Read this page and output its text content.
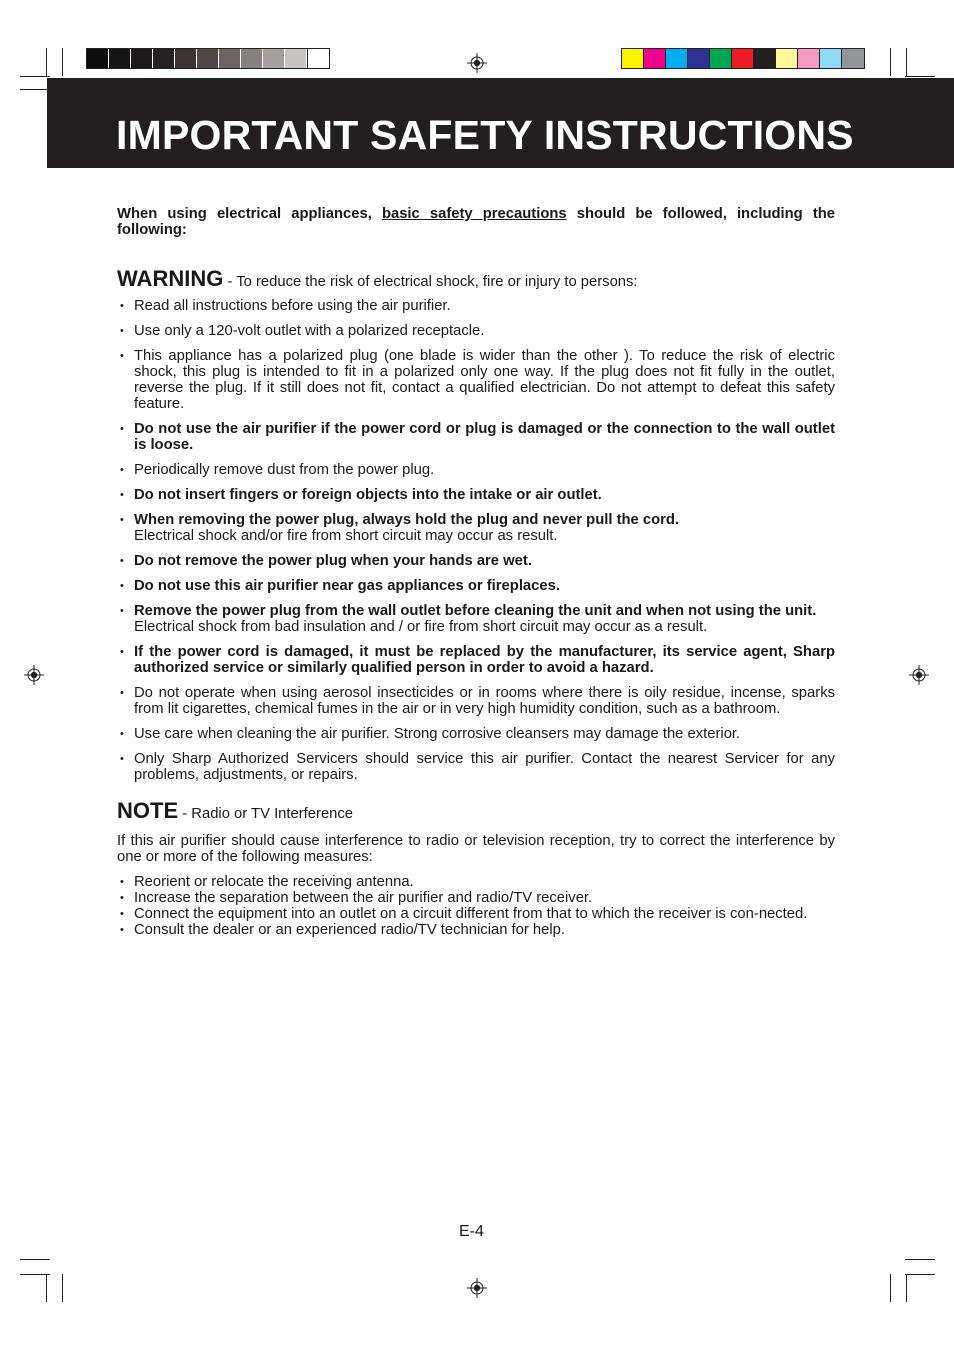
IMPORTANT SAFETY INSTRUCTIONS

When using electrical appliances, basic safety precautions should be followed, including the following:

WARNING - To reduce the risk of electrical shock, fire or injury to persons:

• Read all instructions before using the air purifier.
• Use only a 120-volt outlet with a polarized receptacle.
• This appliance has a polarized plug (one blade is wider than the other ). To reduce the risk of electric shock, this plug is intended to fit in a polarized only one way. If the plug does not fit fully in the outlet, reverse the plug. If it still does not fit, contact a qualified electrician. Do not attempt to defeat this safety feature.
• Do not use the air purifier if the power cord or plug is damaged or the connection to the wall outlet is loose.
• Periodically remove dust from the power plug.
• Do not insert fingers or foreign objects into the intake or air outlet.
• When removing the power plug, always hold the plug and never pull the cord.
Electrical shock and/or fire from short circuit may occur as result.
• Do not remove the power plug when your hands are wet.
• Do not use this air purifier near gas appliances or fireplaces.
• Remove the power plug from the wall outlet before cleaning the unit and when not using the unit.
Electrical shock from bad insulation and / or fire from short circuit may occur as a result.
• If the power cord is damaged, it must be replaced by the manufacturer, its service agent, Sharp authorized service or similarly qualified person in order to avoid a hazard.
• Do not operate when using aerosol insecticides or in rooms where there is oily residue, incense, sparks from lit cigarettes, chemical fumes in the air or in very high humidity condition, such as a bathroom.
• Use care when cleaning the air purifier. Strong corrosive cleansers may damage the exterior.
• Only Sharp Authorized Servicers should service this air purifier. Contact the nearest Servicer for any problems, adjustments, or repairs.

NOTE - Radio or TV Interference

If this air purifier should cause interference to radio or television reception, try to correct the interference by one or more of the following measures:

• Reorient or relocate the receiving antenna.
• Increase the separation between the air purifier and radio/TV receiver.
• Connect the equipment into an outlet on a circuit different from that to which the receiver is con-nected.
• Consult the dealer or an experienced radio/TV technician for help.
E-4
